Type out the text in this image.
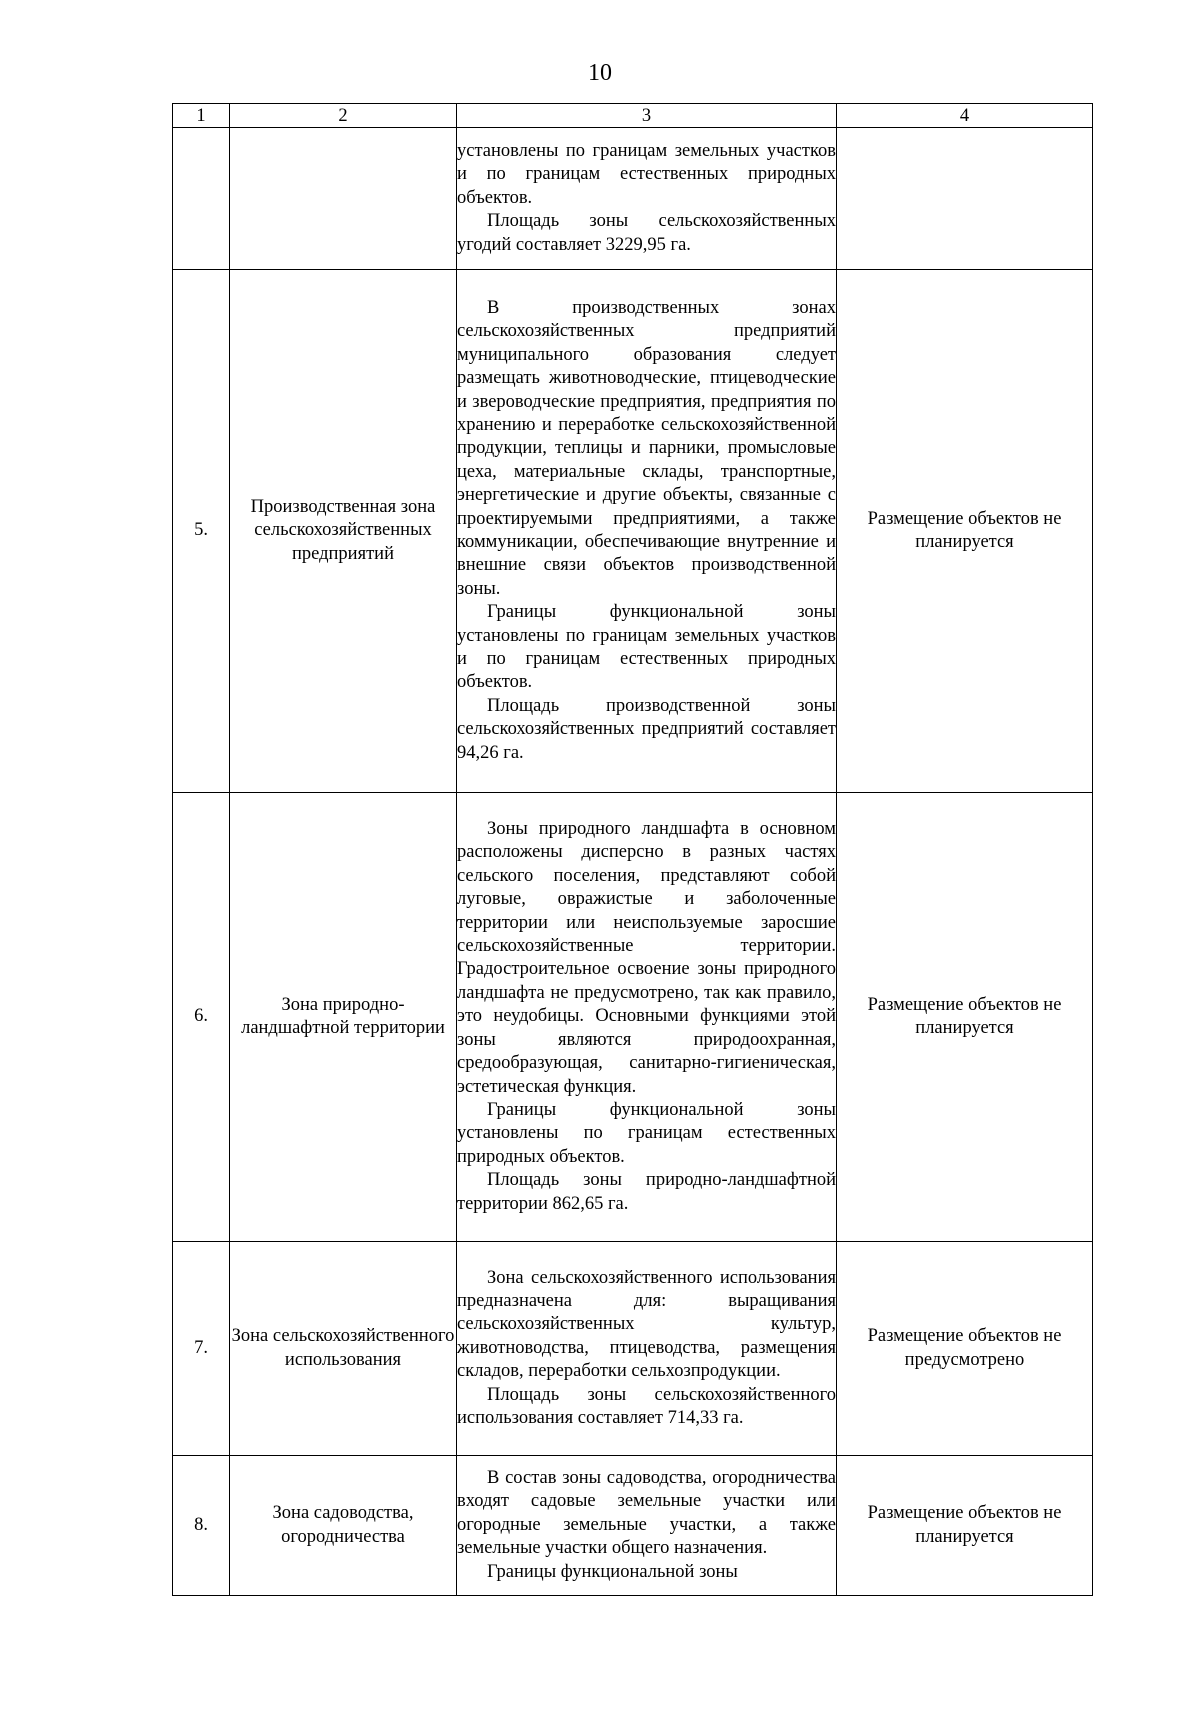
10
1	2	3	4

		установлены по границам земельных участков и по границам естественных природных объектов.

Площадь зоны сельскохозяйственных угодий составляет 3229,95 га.	

5.	Производственная зона сельскохозяйственных предприятий	В производственных зонах сельскохозяйственных предприятий муниципального образования следует размещать животноводческие, птицеводческие и звероводческие предприятия, предприятия по хранению и переработке сельскохозяйственной продукции, теплицы и парники, промысловые цеха, материальные склады, транспортные, энергетические и другие объекты, связанные с проектируемыми предприятиями, а также коммуникации, обеспечивающие внутренние и внешние связи объектов производственной зоны.

Границы функциональной зоны установлены по границам земельных участков и по границам естественных природных объектов.

Площадь производственной зоны сельскохозяйственных предприятий составляет 94,26 га.	Размещение объектов не планируется
6.	Зона природно-ландшафтной территории	Зоны природного ландшафта в основном расположены дисперсно в разных частях сельского поселения, представляют собой луговые, овражистые и заболоченные территории или неиспользуемые заросшие сельскохозяйственные территории. Градостроительное освоение зоны природного ландшафта не предусмотрено, так как правило, это неудобицы. Основными функциями этой зоны являются природоохранная, средообразующая, санитарно-гигиеническая, эстетическая функция.

Границы функциональной зоны установлены по границам естественных природных объектов.

Площадь зоны природно-ландшафтной территории 862,65 га.	Размещение объектов не планируется
7.	Зона сельскохозяйственного использования	Зона сельскохозяйственного использования предназначена для: выращивания сельскохозяйственных культур, животноводства, птицеводства, размещения складов, переработки сельхозпродукции.

Площадь зоны сельскохозяйственного использования составляет 714,33 га.	Размещение объектов не предусмотрено
8.	Зона садоводства, огородничества	В состав зоны садоводства, огородничества входят садовые земельные участки или огородные земельные участки, а также земельные участки общего назначения.

Границы функциональной зоны	Размещение объектов не планируется
